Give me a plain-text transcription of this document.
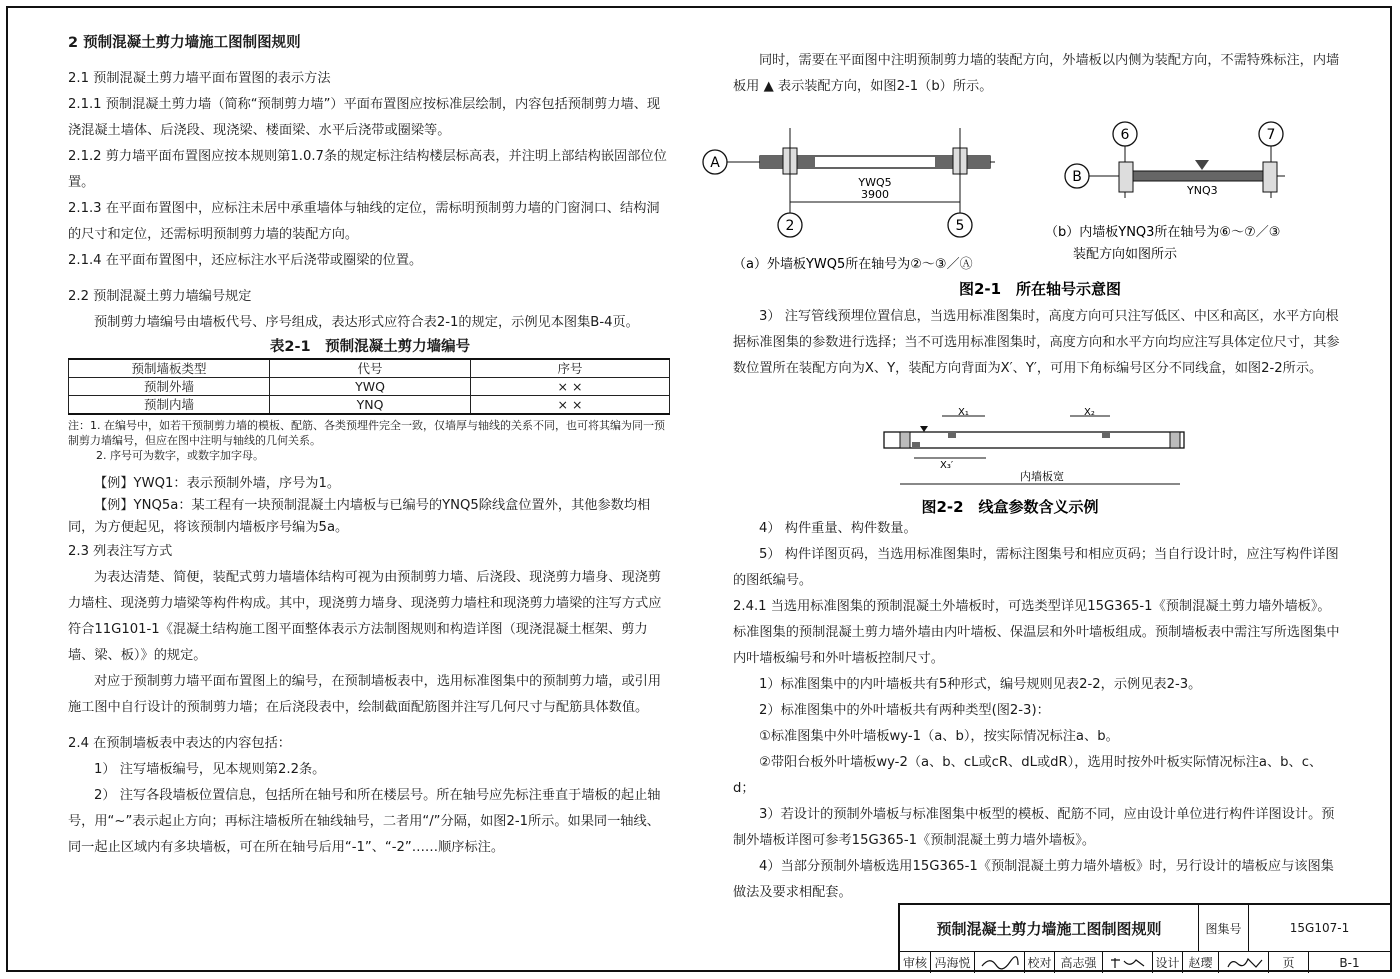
2 预制混凝土剪力墙施工图制图规则

2.1 预制混凝土剪力墙平面布置图的表示方法

2.1.1 预制混凝土剪力墙（简称“预制剪力墙”）平面布置图应按标准层绘制，内容包括预制剪力墙、现浇混凝土墙体、后浇段、现浇梁、楼面梁、水平后浇带或圈梁等。

2.1.2 剪力墙平面布置图应按本规则第1.0.7条的规定标注结构楼层标高表，并注明上部结构嵌固部位位置。

2.1.3 在平面布置图中，应标注未居中承重墙体与轴线的定位，需标明预制剪力墙的门窗洞口、结构洞的尺寸和定位，还需标明预制剪力墙的装配方向。

2.1.4 在平面布置图中，还应标注水平后浇带或圈梁的位置。

2.2 预制混凝土剪力墙编号规定

预制剪力墙编号由墙板代号、序号组成，表达形式应符合表2-1的规定，示例见本图集B-4页。

表2-1　预制混凝土剪力墙编号

预制墙板类型	代号	序号
预制外墙	YWQ	× ×
预制内墙	YNQ	× ×

注：1. 在编号中，如若干预制剪力墙的模板、配筋、各类预埋件完全一致，仅墙厚与轴线的关系不同，也可将其编为同一预制剪力墙编号，但应在图中注明与轴线的几何关系。

2. 序号可为数字，或数字加字母。

【例】YWQ1：表示预制外墙，序号为1。

【例】YNQ5a：某工程有一块预制混凝土内墙板与已编号的YNQ5除线盒位置外，其他参数均相同，为方便起见，将该预制内墙板序号编为5a。

2.3 列表注写方式

为表达清楚、简便，装配式剪力墙墙体结构可视为由预制剪力墙、后浇段、现浇剪力墙身、现浇剪力墙柱、现浇剪力墙梁等构件构成。其中，现浇剪力墙身、现浇剪力墙柱和现浇剪力墙梁的注写方式应符合11G101-1《混凝土结构施工图平面整体表示方法制图规则和构造详图（现浇混凝土框架、剪力墙、梁、板）》的规定。

对应于预制剪力墙平面布置图上的编号，在预制墙板表中，选用标准图集中的预制剪力墙，或引用施工图中自行设计的预制剪力墙；在后浇段表中，绘制截面配筋图并注写几何尺寸与配筋具体数值。

2.4 在预制墙板表中表达的内容包括：

1） 注写墙板编号，见本规则第2.2条。

2） 注写各段墙板位置信息，包括所在轴号和所在楼层号。所在轴号应先标注垂直于墙板的起止轴号，用“~”表示起止方向；再标注墙板所在轴线轴号，二者用“/”分隔，如图2-1所示。如果同一轴线、同一起止区域内有多块墙板，可在所在轴号后用“-1”、“-2”……顺序标注。

同时，需要在平面图中注明预制剪力墙的装配方向，外墙板以内侧为装配方向，不需特殊标注，内墙板用 ▲ 表示装配方向，如图2-1（b）所示。

A
YWQ5
3900
2	5
（a）外墙板YWQ5所在轴号为②～③／Ⓐ
B
6	7
YNQ3
（b）内墙板YNQ3所在轴号为⑥～⑦／③
装配方向如图所示
图2-1　所在轴号示意图

3） 注写管线预埋位置信息，当选用标准图集时，高度方向可只注写低区、中区和高区，水平方向根据标准图集的参数进行选择；当不可选用标准图集时，高度方向和水平方向均应注写具体定位尺寸，其参数位置所在装配方向为X、Y，装配方向背面为X′、Y′，可用下角标编号区分不同线盒，如图2-2所示。

X₁	X₂
X₃′
内墙板宽
图2-2　线盒参数含义示例

4） 构件重量、构件数量。

5） 构件详图页码，当选用标准图集时，需标注图集号和相应页码；当自行设计时，应注写构件详图的图纸编号。

2.4.1 当选用标准图集的预制混凝土外墙板时，可选类型详见15G365-1《预制混凝土剪力墙外墙板》。标准图集的预制混凝土剪力墙外墙由内叶墙板、保温层和外叶墙板组成。预制墙板表中需注写所选图集中内叶墙板编号和外叶墙板控制尺寸。

1）标准图集中的内叶墙板共有5种形式，编号规则见表2-2，示例见表2-3。

2）标准图集中的外叶墙板共有两种类型(图2-3)：

①标准图集中外叶墙板wy-1（a、b），按实际情况标注a、b。

②带阳台板外叶墙板wy-2（a、b、cL或cR、dL或dR），选用时按外叶板实际情况标注a、b、c、d；

3）若设计的预制外墙板与标准图集中板型的模板、配筋不同，应由设计单位进行构件详图设计。预制外墙板详图可参考15G365-1《预制混凝土剪力墙外墙板》。

4）当部分预制外墙板选用15G365-1《预制混凝土剪力墙外墙板》时，另行设计的墙板应与该图集做法及要求相配套。

预制混凝土剪力墙施工图制图规则	图集号	15G107-1
审核 冯海悦	校对 高志强	设计 赵璎	页	B-1
